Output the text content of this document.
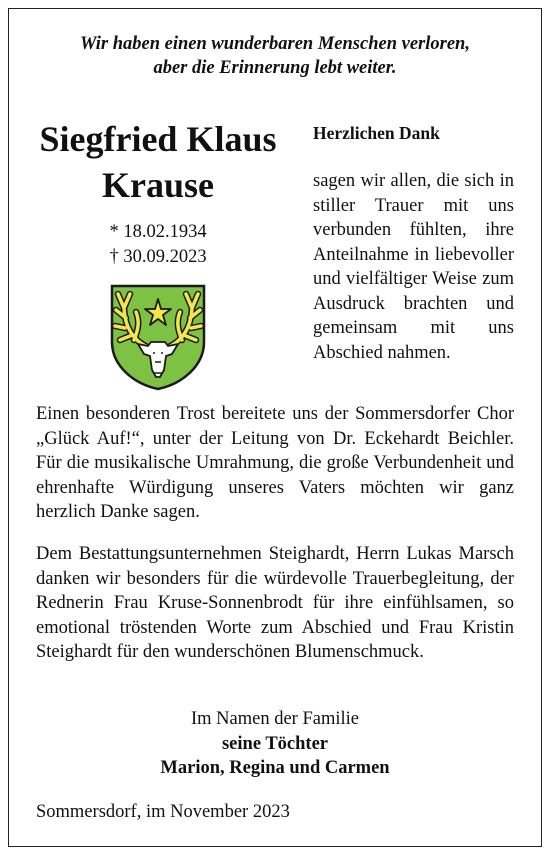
Wir haben einen wunderbaren Menschen verloren,
aber die Erinnerung lebt weiter.
Siegfried Klaus
Krause
* 18.02.1934
† 30.09.2023
Herzlichen Dank
sagen wir allen, die sich in stiller Trauer mit uns verbunden fühlten, ihre Anteilnahme in liebevoller und vielfältiger Weise zum Ausdruck brachten und gemeinsam mit uns Abschied nahmen.
Einen besonderen Trost bereitete uns der Sommersdorfer Chor „Glück Auf!“, unter der Leitung von Dr. Eckehardt Beichler. Für die musikalische Umrahmung, die große Verbundenheit und ehrenhafte Würdigung unseres Vaters möchten wir ganz herzlich Danke sagen.
Dem Bestattungsunternehmen Steighardt, Herrn Lukas Marsch danken wir besonders für die würdevolle Trauerbegleitung, der Rednerin Frau Kruse-Sonnenbrodt für ihre einfühlsamen, so emotional tröstenden Worte zum Abschied und Frau Kristin Steighardt für den wunderschönen Blumenschmuck.
Im Namen der Familie
seine Töchter
Marion, Regina und Carmen
Sommersdorf, im November 2023
